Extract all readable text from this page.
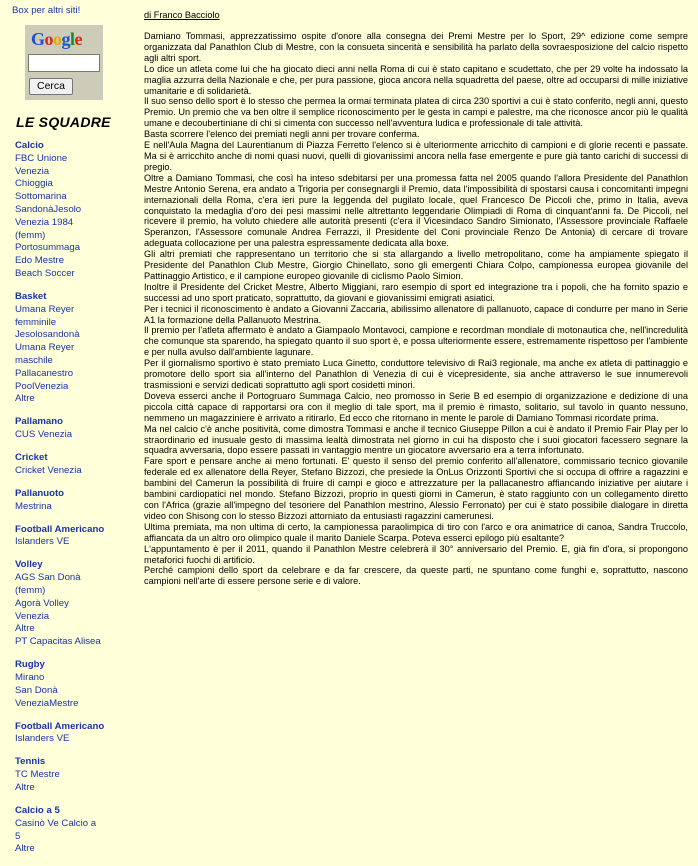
Box per altri siti!
Google
Cerca
LE SQUADRE
Calcio
FBC Unione
Venezia
Chioggia
Sottomarina
SandonàJesolo
Venezia 1984
(femm)
Portosummaga
Edo Mestre
Beach Soccer
Basket
Umana Reyer
femminile
Jesolosandonà
Umana Reyer
maschile
Pallacanestro
PoolVenezia
Altre
Pallamano
CUS Venezia
Cricket
Cricket Venezia
Pallanuoto
Mestrina
Football Americano
Islanders VE
Volley
AGS San Donà
(femm)
Agorà Volley
Venezia
Altre
PT Capacitas Alisea
Rugby
Mirano
San Donà
VeneziaMestre
Football Americano
Islanders VE
Tennis
TC Mestre
Altre
Calcio a 5
Casinò Ve Calcio a
5
Altre

di Franco Bacciolo

Damiano Tommasi, apprezzatissimo ospite d'onore alla consegna dei Premi Mestre per lo Sport, 29^ edizione come sempre organizzata dal Panathlon Club di Mestre, con la consueta sincerità e sensibilità ha parlato della sovraesposizione del calcio rispetto agli altri sport.

Lo dice un atleta come lui che ha giocato dieci anni nella Roma di cui è stato capitano e scudettato, che per 29 volte ha indossato la maglia azzurra della Nazionale e che, per pura passione, gioca ancora nella squadretta del paese, oltre ad occuparsi di mille iniziative umanitarie e di solidarietà.

Il suo senso dello sport è lo stesso che permea la ormai terminata platea di circa 230 sportivi a cui è stato conferito, negli anni, questo Premio. Un premio che va ben oltre il semplice riconoscimento per le gesta in campi e palestre, ma che riconosce ancor più le qualità umane e decoubertiniane di chi si cimenta con successo nell'avventura ludica e professionale di tale attività.

Basta scorrere l'elenco dei premiati negli anni per trovare conferma.

E nell'Aula Magna del Laurentianum di Piazza Ferretto l'elenco si è ulteriormente arricchito di campioni e di glorie recenti e passate. Ma si è arricchito anche di nomi quasi nuovi, quelli di giovanissimi ancora nella fase emergente e pure già tanto carichi di successi di pregio.

Oltre a Damiano Tommasi, che così ha inteso sdebitarsi per una promessa fatta nel 2005 quando l'allora Presidente del Panathlon Mestre Antonio Serena, era andato a Trigoria per consegnargli il Premio, data l'impossibilità di spostarsi causa i concomitanti impegni internazionali della Roma, c'era ieri pure la leggenda del pugilato locale, quel Francesco De Piccoli che, primo in Italia, aveva conquistato la medaglia d'oro dei pesi massimi nelle altrettanto leggendarie Olimpiadi di Roma di cinquant'anni fa. De Piccoli, nel ricevere il premio, ha voluto chiedere alle autorità presenti (c'era il Vicesindaco Sandro Simionato, l'Assessore provinciale Raffaele Speranzon, l'Assessore comunale Andrea Ferrazzi, il Presidente del Coni provinciale Renzo De Antonia) di cercare di trovare adeguata collocazione per una palestra espressamente dedicata alla boxe.

Gli altri premiati che rappresentano un territorio che si sta allargando a livello metropolitano, come ha ampiamente spiegato il Presidente del Panathlon Club Mestre, Giorgio Chinellato, sono gli emergenti Chiara Colpo, campionessa europea giovanile del Pattinaggio Artistico, e il campione europeo giovanile di ciclismo Paolo Simion.

Inoltre il Presidente del Cricket Mestre, Alberto Miggiani, raro esempio di sport ed integrazione tra i popoli, che ha fornito spazio e successi ad uno sport praticato, soprattutto, da giovani e giovanissimi emigrati asiatici.

Per i tecnici il riconoscimento è andato a Giovanni Zaccaria, abilissimo allenatore di pallanuoto, capace di condurre per mano in Serie A1 la formazione della Pallanuoto Mestrina.

Il premio per l'atleta affermato è andato a Giampaolo Montavoci, campione e recordman mondiale di motonautica che, nell'incredulità che comunque sta sparendo, ha spiegato quanto il suo sport è, e possa ulteriormente essere, estremamente rispettoso per l'ambiente e per nulla avulso dall'ambiente lagunare.

Per il giornalismo sportivo è stato premiato Luca Ginetto, conduttore televisivo di Rai3 regionale, ma anche ex atleta di pattinaggio e promotore dello sport sia all'interno del Panathlon di Venezia di cui è vicepresidente, sia anche attraverso le sue innumerevoli trasmissioni e servizi dedicati soprattutto agli sport cosidetti minori.

Doveva esserci anche il Portogruaro Summaga Calcio, neo promosso in Serie B ed esempio di organizzazione e dedizione di una piccola città capace di rapportarsi ora con il meglio di tale sport, ma il premio è rimasto, solitario, sul tavolo in quanto nessuno, nemmeno un magazziniere è arrivato a ritirarlo. Ed ecco che ritornano in mente le parole di Damiano Tommasi ricordate prima.

Ma nel calcio c'è anche positività, come dimostra Tommasi e anche il tecnico Giuseppe Pillon a cui è andato il Premio Fair Play per lo straordinario ed inusuale gesto di massima lealtà dimostrata nel giorno in cui ha disposto che i suoi giocatori facessero segnare la squadra avversaria, dopo essere passati in vantaggio mentre un giocatore avversario era a terra infortunato.

Fare sport e pensare anche ai meno fortunati. E' questo il senso del premio conferito all'allenatore, commissario tecnico giovanile federale ed ex allenatore della Reyer, Stefano Bizzozi, che presiede la OnLus Orizzonti Sportivi che si occupa di offrire a ragazzini e bambini del Camerun la possibilità di fruire di campi e gioco e attrezzature per la pallacanestro affiancando iniziative per aiutare i bambini cardiopatici nel mondo. Stefano Bizzozi, proprio in questi giorni in Camerun, è stato raggiunto con un collegamento diretto con l'Africa (grazie all'impegno del tesoriere del Panathlon mestrino, Alessio Ferronato) per cui è stato possibile dialogare in diretta video con Shisong con lo stesso Bizzozi attorniato da entusiasti ragazzini camerunesi.

Ultima premiata, ma non ultima di certo, la campionessa paraolimpica di tiro con l'arco e ora animatrice di canoa, Sandra Truccolo, affiancata da un altro oro olimpico quale il marito Daniele Scarpa. Poteva esserci epilogo più esaltante?

L'appuntamento è per il 2011, quando il Panathlon Mestre celebrerà il 30° anniversario del Premio. E, già fin d'ora, si propongono metaforici fuochi di artificio.

Perché campioni dello sport da celebrare e da far crescere, da queste parti, ne spuntano come funghi e, soprattutto, nascono campioni nell'arte di essere persone serie e di valore.
